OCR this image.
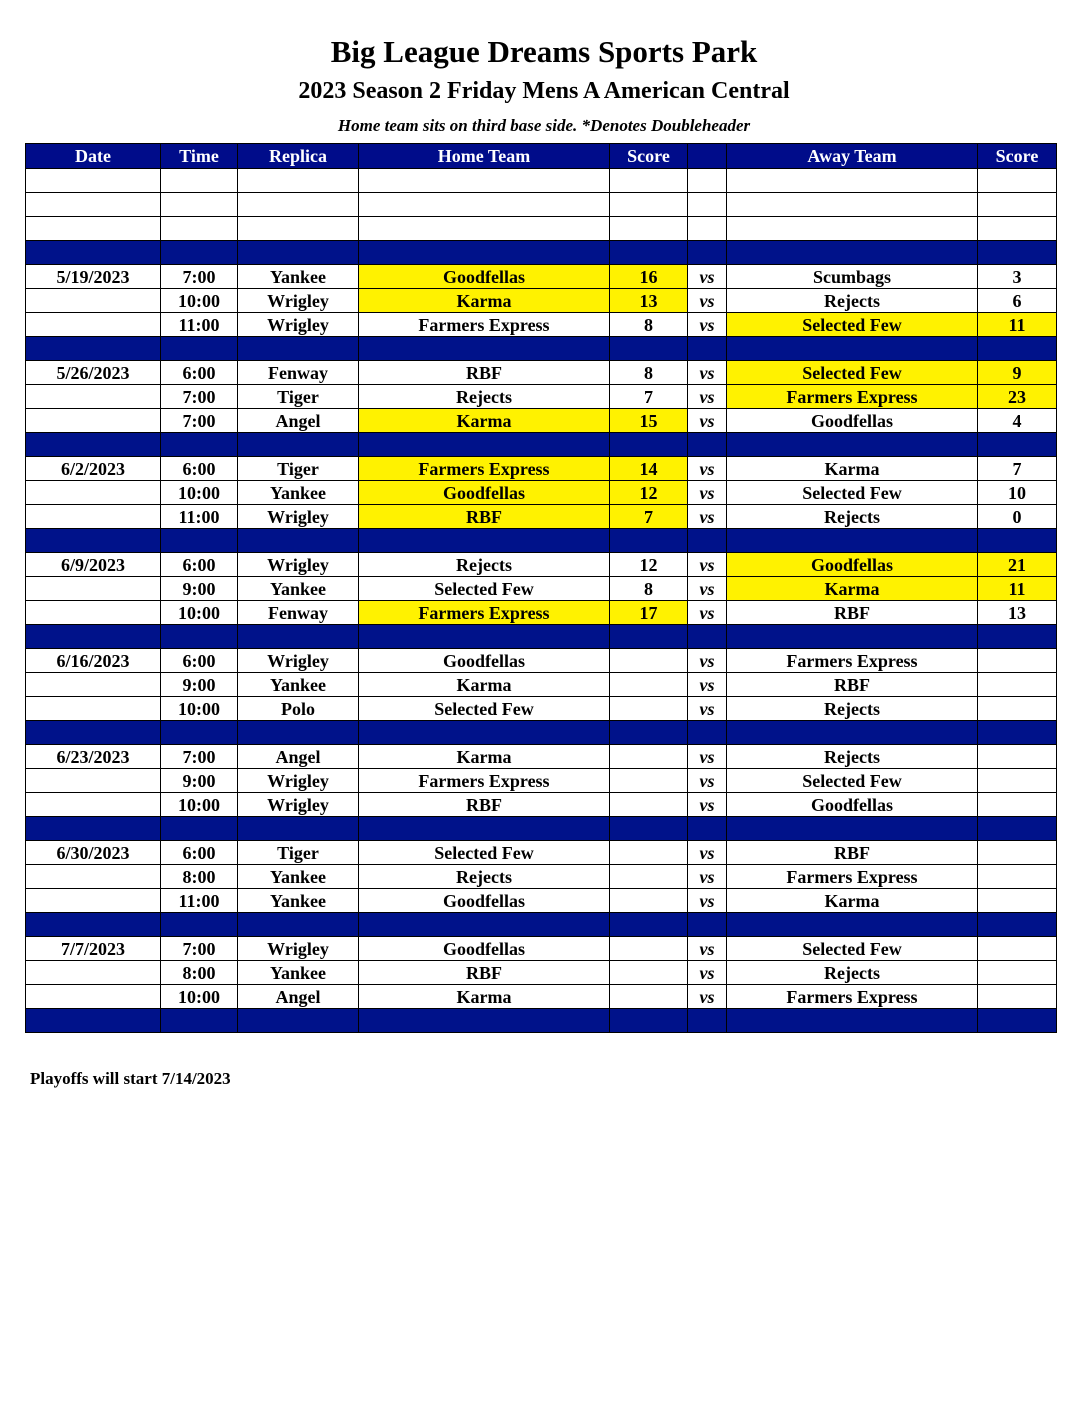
Big League Dreams Sports Park
2023 Season 2 Friday Mens A American Central

Home team sits on third base side. *Denotes Doubleheader

Date	Time	Replica	Home Team	Score		Away Team	Score

5/19/2023	7:00	Yankee	Goodfellas	16	vs	Scumbags	3
	10:00	Wrigley	Karma	13	vs	Rejects	6
	11:00	Wrigley	Farmers Express	8	vs	Selected Few	11

5/26/2023	6:00	Fenway	RBF	8	vs	Selected Few	9
	7:00	Tiger	Rejects	7	vs	Farmers Express	23
	7:00	Angel	Karma	15	vs	Goodfellas	4

6/2/2023	6:00	Tiger	Farmers Express	14	vs	Karma	7
	10:00	Yankee	Goodfellas	12	vs	Selected Few	10
	11:00	Wrigley	RBF	7	vs	Rejects	0

6/9/2023	6:00	Wrigley	Rejects	12	vs	Goodfellas	21
	9:00	Yankee	Selected Few	8	vs	Karma	11
	10:00	Fenway	Farmers Express	17	vs	RBF	13

6/16/2023	6:00	Wrigley	Goodfellas		vs	Farmers Express	
	9:00	Yankee	Karma		vs	RBF	
	10:00	Polo	Selected Few		vs	Rejects	

6/23/2023	7:00	Angel	Karma		vs	Rejects	
	9:00	Wrigley	Farmers Express		vs	Selected Few	
	10:00	Wrigley	RBF		vs	Goodfellas	

6/30/2023	6:00	Tiger	Selected Few		vs	RBF	
	8:00	Yankee	Rejects		vs	Farmers Express	
	11:00	Yankee	Goodfellas		vs	Karma	

7/7/2023	7:00	Wrigley	Goodfellas		vs	Selected Few	
	8:00	Yankee	RBF		vs	Rejects	
	10:00	Angel	Karma		vs	Farmers Express	

Playoffs will start 7/14/2023
